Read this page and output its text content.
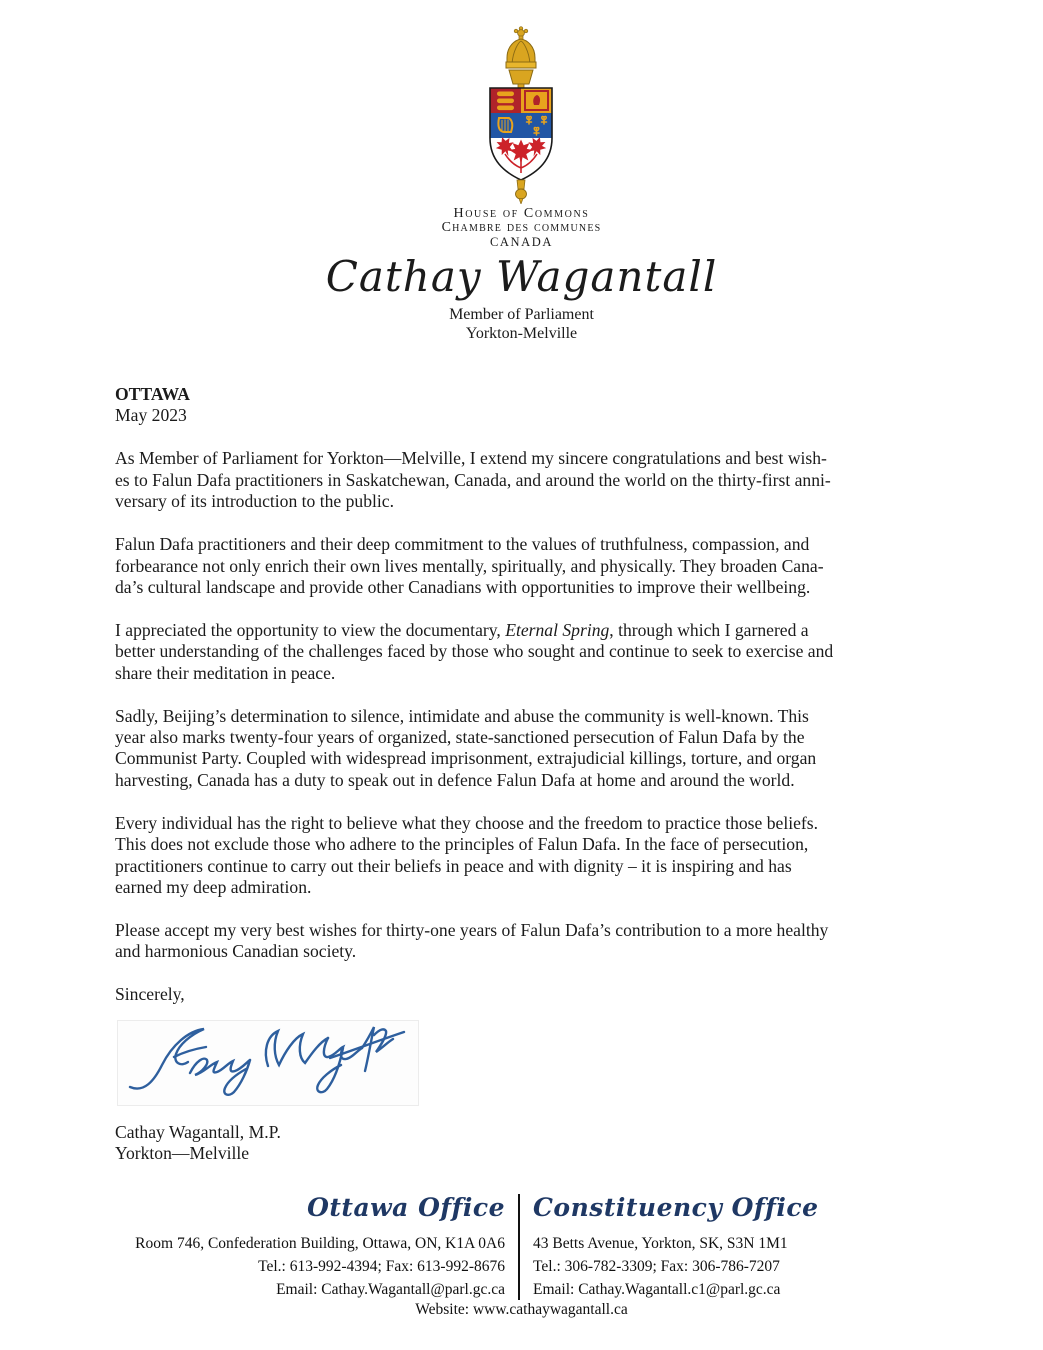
House of Commons
Chambre des communes
CANADA
Cathay Wagantall
Member of Parliament
Yorkton-Melville
OTTAWA
May 2023
As Member of Parliament for Yorkton—Melville, I extend my sincere congratulations and best wish-
es to Falun Dafa practitioners in Saskatchewan, Canada, and around the world on the thirty-first anni-
versary of its introduction to the public.
Falun Dafa practitioners and their deep commitment to the values of truthfulness, compassion, and
forbearance not only enrich their own lives mentally, spiritually, and physically. They broaden Cana-
da’s cultural landscape and provide other Canadians with opportunities to improve their wellbeing.
I appreciated the opportunity to view the documentary, Eternal Spring, through which I garnered a
better understanding of the challenges faced by those who sought and continue to seek to exercise and
share their meditation in peace.
Sadly, Beijing’s determination to silence, intimidate and abuse the community is well-known. This
year also marks twenty-four years of organized, state-sanctioned persecution of Falun Dafa by the
Communist Party. Coupled with widespread imprisonment, extrajudicial killings, torture, and organ
harvesting, Canada has a duty to speak out in defence Falun Dafa at home and around the world.
Every individual has the right to believe what they choose and the freedom to practice those beliefs.
This does not exclude those who adhere to the principles of Falun Dafa. In the face of persecution,
practitioners continue to carry out their beliefs in peace and with dignity – it is inspiring and has
earned my deep admiration.
Please accept my very best wishes for thirty-one years of Falun Dafa’s contribution to a more healthy
and harmonious Canadian society.
Sincerely,
Cathay Wagantall, M.P.
Yorkton—Melville
Ottawa Office
Room 746, Confederation Building, Ottawa, ON, K1A 0A6
Tel.: 613-992-4394; Fax: 613-992-8676
Email: Cathay.Wagantall@parl.gc.ca
Constituency Office
43 Betts Avenue, Yorkton, SK, S3N 1M1
Tel.: 306-782-3309; Fax: 306-786-7207
Email: Cathay.Wagantall.c1@parl.gc.ca
Website: www.cathaywagantall.ca
